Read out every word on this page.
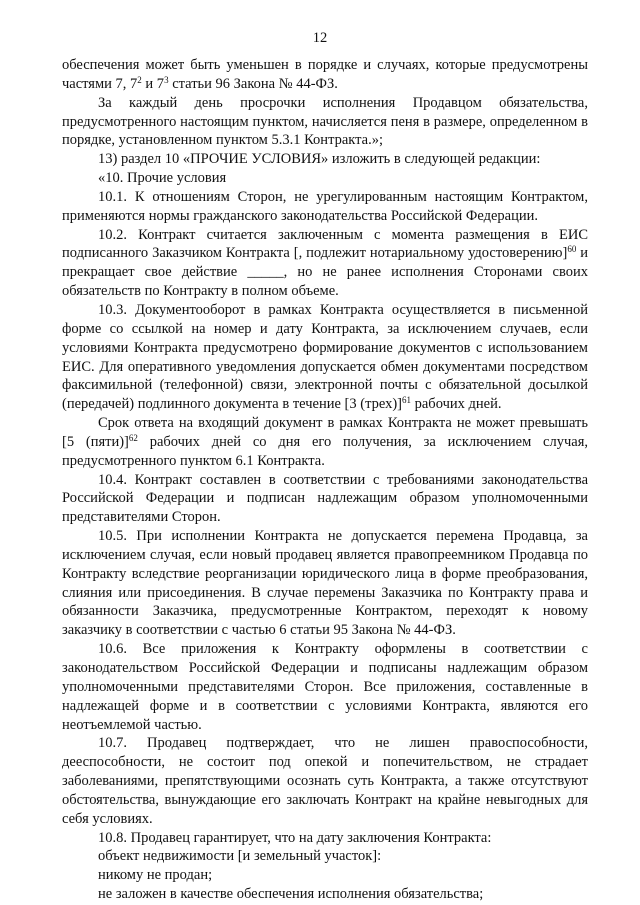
12

обеспечения может быть уменьшен в порядке и случаях, которые предусмотрены частями 7, $7^2$ и $7^3$ статьи 96 Закона № 44-ФЗ.

За каждый день просрочки исполнения Продавцом обязательства, предусмотренного настоящим пунктом, начисляется пеня в размере, определенном в порядке, установленном пунктом 5.3.1 Контракта.»;

13) раздел 10 «ПРОЧИЕ УСЛОВИЯ» изложить в следующей редакции:

«10. Прочие условия

10.1. К отношениям Сторон, не урегулированным настоящим Контрактом, применяются нормы гражданского законодательства Российской Федерации.

10.2. Контракт считается заключенным с момента размещения в ЕИС подписанного Заказчиком Контракта [, подлежит нотариальному удостоверению]$^{60}$ и прекращает свое действие _____, но не ранее исполнения Сторонами своих обязательств по Контракту в полном объеме.

10.3. Документооборот в рамках Контракта осуществляется в письменной форме со ссылкой на номер и дату Контракта, за исключением случаев, если условиями Контракта предусмотрено формирование документов с использованием ЕИС. Для оперативного уведомления допускается обмен документами посредством факсимильной (телефонной) связи, электронной почты с обязательной досылкой (передачей) подлинного документа в течение [3 (трех)]$^{61}$ рабочих дней.

Срок ответа на входящий документ в рамках Контракта не может превышать [5 (пяти)]$^{62}$ рабочих дней со дня его получения, за исключением случая, предусмотренного пунктом 6.1 Контракта.

10.4. Контракт составлен в соответствии с требованиями законодательства Российской Федерации и подписан надлежащим образом уполномоченными представителями Сторон.

10.5. При исполнении Контракта не допускается перемена Продавца, за исключением случая, если новый продавец является правопреемником Продавца по Контракту вследствие реорганизации юридического лица в форме преобразования, слияния или присоединения. В случае перемены Заказчика по Контракту права и обязанности Заказчика, предусмотренные Контрактом, переходят к новому заказчику в соответствии с частью 6 статьи 95 Закона № 44-ФЗ.

10.6. Все приложения к Контракту оформлены в соответствии с законодательством Российской Федерации и подписаны надлежащим образом уполномоченными представителями Сторон. Все приложения, составленные в надлежащей форме и в соответствии с условиями Контракта, являются его неотъемлемой частью.

10.7. Продавец подтверждает, что не лишен правоспособности, дееспособности, не состоит под опекой и попечительством, не страдает заболеваниями, препятствующими осознать суть Контракта, а также отсутствуют обстоятельства, вынуждающие его заключать Контракт на крайне невыгодных для себя условиях.

10.8. Продавец гарантирует, что на дату заключения Контракта:

объект недвижимости [и земельный участок]:

никому не продан;

не заложен в качестве обеспечения исполнения обязательства;
